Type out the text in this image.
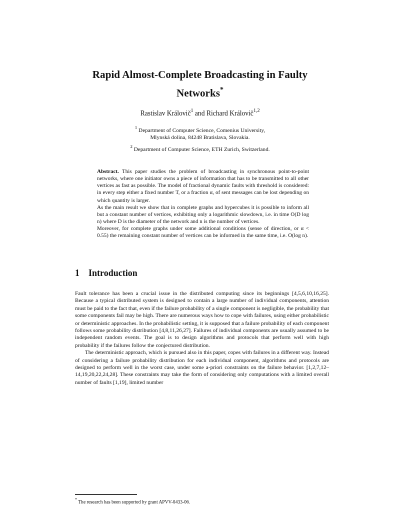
Rapid Almost-Complete Broadcasting in Faulty
Networks*
Rastislav Královič$^1$ and Richard Královič$^{1,2}$
$^1$ Department of Computer Science, Comenius University,
Mlynská dolina, 84248 Bratislava, Slovakia.
$^2$ Department of Computer Science, ETH Zurich, Switzerland.

Abstract. This paper studies the problem of broadcasting in synchronous point-to-point networks, where one initiator owns a piece of information that has to be transmitted to all other vertices as fast as possible. The model of fractional dynamic faults with threshold is considered: in every step either a fixed number T, or a fraction α, of sent messages can be lost depending on which quantity is larger.

As the main result we show that in complete graphs and hypercubes it is possible to inform all but a constant number of vertices, exhibiting only a logarithmic slowdown, i.e. in time O(D log n) where D is the diameter of the network and n is the number of vertices.

Moreover, for complete graphs under some additional conditions (sense of direction, or α < 0.55) the remaining constant number of vertices can be informed in the same time, i.e. O(log n).

1 Introduction

Fault tolerance has been a crucial issue in the distributed computing since its beginnings [4,5,6,10,16,25]. Because a typical distributed system is designed to contain a large number of individual components, attention must be paid to the fact that, even if the failure probability of a single component is negligible, the probability that some components fail may be high. There are numerous ways how to cope with failures, using either probabilistic or deterministic approaches. In the probabilistic setting, it is supposed that a failure probability of each component follows some probability distribution [4,8,11,26,27]. Failures of individual components are usually assumed to be independent random events. The goal is to design algorithms and protocols that perform well with high probability if the failures follow the conjectured distribution.

The deterministic approach, which is pursued also in this paper, copes with failures in a different way. Instead of considering a failure probability distribution for each individual component, algorithms and protocols are designed to perform well in the worst case, under some a-priori constraints on the failure behavior. [1,2,7,12–14,19,20,22,24,28]. These constraints may take the form of considering only computations with a limited overall number of faults [1,19], limited number

* The research has been supported by grant APVV-0433-06.
